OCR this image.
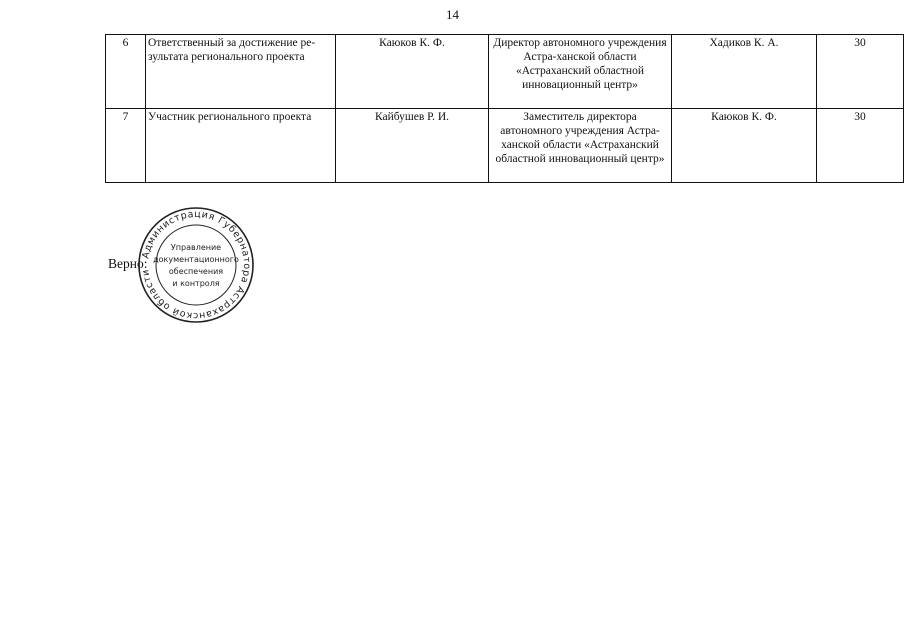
14
6	Ответственный за достижение ре-зультата регионального проекта	Каюков К. Ф.	Директор автономного учреждения Астра-ханской области «Астраханский областной инновационный центр»	Хадиков К. А.	30
7	Участник регионального проекта	Кайбушев Р. И.	Заместитель директора автономного учреждения Астра-ханской области «Астраханский областной инновационный центр»	Каюков К. Ф.	30
Верно:
Администрация Губернатора Астраханской области
Управление
документационного
обеспечения
и контроля
